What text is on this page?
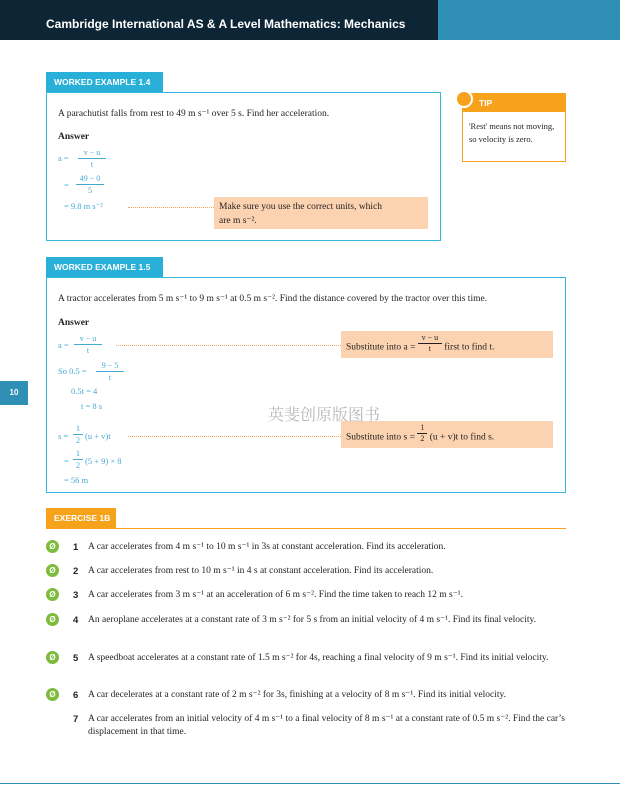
Cambridge International AS & A Level Mathematics: Mechanics
10
WORKED EXAMPLE 1.4
A parachutist falls from rest to 49 m s⁻¹ over 5 s. Find her acceleration.
Answer
a =
v − u
t
=
49 − 0
5
= 9.8 m s⁻²	Make sure you use the correct units, which
are m s⁻².
TIP
'Rest' means not moving, so velocity is zero.
WORKED EXAMPLE 1.5
A tractor accelerates from 5 m s⁻¹ to 9 m s⁻¹ at 0.5 m s⁻². Find the distance covered by the tractor over this time.
Answer
a =
v − u
t	Substitute into $a = \frac{v - u}{t}$ first to find t.
So 0.5 =
9 − 5
t
0.5t = 4
t = 8 s
s =
1
2 (u + v)t	Substitute into $s = \frac{1}{2} (u + v)t$ to find s.
=
1
2 (5 + 9) × 8
= 56 m
英斐创原版图书
EXERCISE 1B
Ø	1 A car accelerates from 4 m s⁻¹ to 10 m s⁻¹ in 3s at constant acceleration. Find its acceleration.
Ø	2 A car accelerates from rest to 10 m s⁻¹ in 4 s at constant acceleration. Find its acceleration.
Ø	3 A car accelerates from 3 m s⁻¹ at an acceleration of 6 m s⁻². Find the time taken to reach 12 m s⁻¹.
Ø	4 An aeroplane accelerates at a constant rate of 3 m s⁻² for 5 s from an initial velocity of 4 m s⁻¹. Find its final velocity.
Ø	5 A speedboat accelerates at a constant rate of 1.5 m s⁻² for 4s, reaching a final velocity of 9 m s⁻¹. Find its initial velocity.
Ø	6 A car decelerates at a constant rate of 2 m s⁻² for 3s, finishing at a velocity of 8 m s⁻¹. Find its initial velocity.
7 A car accelerates from an initial velocity of 4 m s⁻¹ to a final velocity of 8 m s⁻¹ at a constant rate of 0.5 m s⁻². Find the car’s displacement in that time.
